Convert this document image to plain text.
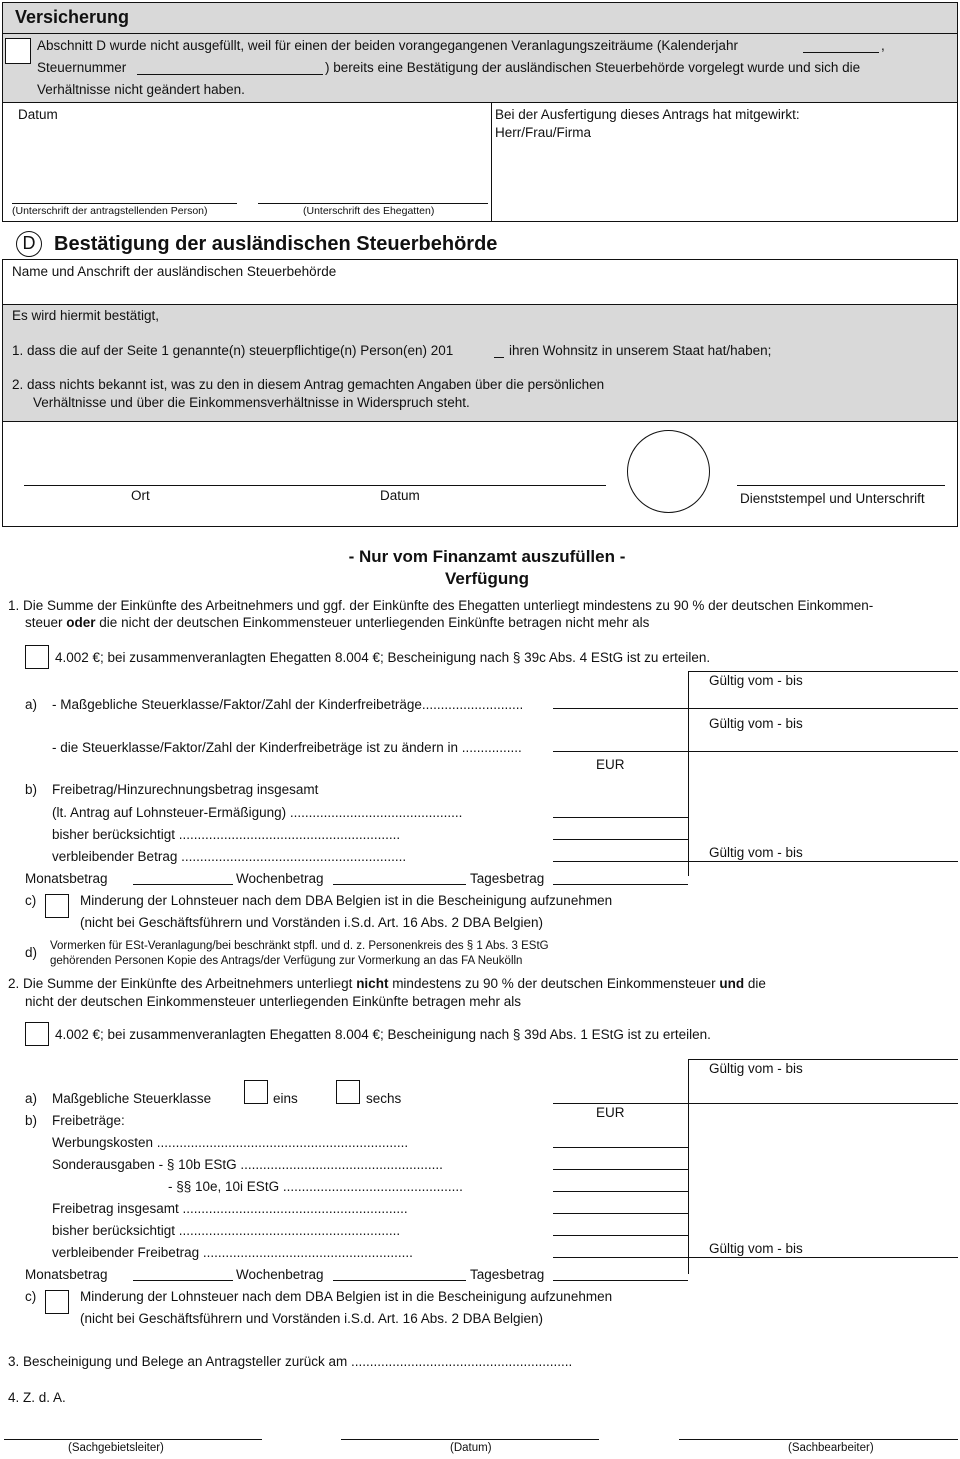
Versicherung
Abschnitt D wurde nicht ausgefüllt, weil für einen der beiden vorangegangenen Veranlagungszeiträume (Kalenderjahr	,
Steuernummer	) bereits eine Bestätigung der ausländischen Steuerbehörde vorgelegt wurde und sich die
Verhältnisse nicht geändert haben.
Datum	Bei der Ausfertigung dieses Antrags hat mitgewirkt:
Herr/Frau/Firma
(Unterschrift der antragstellenden Person)	(Unterschrift des Ehegatten)
D Bestätigung der ausländischen Steuerbehörde
Name und Anschrift der ausländischen Steuerbehörde
Es wird hiermit bestätigt,
1. dass die auf der Seite 1 genannte(n) steuerpflichtige(n) Person(en) 201	ihren Wohnsitz in unserem Staat hat/haben;
2. dass nichts bekannt ist, was zu den in diesem Antrag gemachten Angaben über die persönlichen
Verhältnisse und über die Einkommensverhältnisse in Widerspruch steht.
Ort	Datum	Dienststempel und Unterschrift
- Nur vom Finanzamt auszufüllen -
Verfügung
1. Die Summe der Einkünfte des Arbeitnehmers und ggf. der Einkünfte des Ehegatten unterliegt mindestens zu 90 % der deutschen Einkommen-
steuer oder die nicht der deutschen Einkommensteuer unterliegenden Einkünfte betragen nicht mehr als
4.002 €; bei zusammenveranlagten Ehegatten 8.004 €; Bescheinigung nach § 39c Abs. 4 EStG ist zu erteilen.
Gültig vom - bis
Gültig vom - bis
Gültig vom - bis
a) - Maßgebliche Steuerklasse/Faktor/Zahl der Kinderfreibeträge...........................
- die Steuerklasse/Faktor/Zahl der Kinderfreibeträge ist zu ändern in ................
EUR
b) Freibetrag/Hinzurechnungsbetrag insgesamt
(lt. Antrag auf Lohnsteuer-Ermäßigung) ..............................................
bisher berücksichtigt ...........................................................
verbleibender Betrag ............................................................
Monatsbetrag	Wochenbetrag	Tagesbetrag
c)	Minderung der Lohnsteuer nach dem DBA Belgien ist in die Bescheinigung aufzunehmen
(nicht bei Geschäftsführern und Vorständen i.S.d. Art. 16 Abs. 2 DBA Belgien)
d) Vormerken für ESt-Veranlagung/bei beschränkt stpfl. und d. z. Personenkreis des § 1 Abs. 3 EStG
gehörenden Personen Kopie des Antrags/der Verfügung zur Vormerkung an das FA Neukölln
2. Die Summe der Einkünfte des Arbeitnehmers unterliegt nicht mindestens zu 90 % der deutschen Einkommensteuer und die
nicht der deutschen Einkommensteuer unterliegenden Einkünfte betragen mehr als
4.002 €; bei zusammenveranlagten Ehegatten 8.004 €; Bescheinigung nach § 39d Abs. 1 EStG ist zu erteilen.
Gültig vom - bis
Gültig vom - bis
a) Maßgebliche Steuerklasse	eins	sechs
EUR
b) Freibeträge:
Werbungskosten ...................................................................
Sonderausgaben - § 10b EStG ......................................................
- §§ 10e, 10i EStG ................................................
Freibetrag insgesamt ............................................................
bisher berücksichtigt ...........................................................
verbleibender Freibetrag ........................................................
Monatsbetrag	Wochenbetrag	Tagesbetrag
c)	Minderung der Lohnsteuer nach dem DBA Belgien ist in die Bescheinigung aufzunehmen
(nicht bei Geschäftsführern und Vorständen i.S.d. Art. 16 Abs. 2 DBA Belgien)
3. Bescheinigung und Belege an Antragsteller zurück am ...........................................................
4. Z. d. A.
(Sachgebietsleiter)	(Datum)	(Sachbearbeiter)
